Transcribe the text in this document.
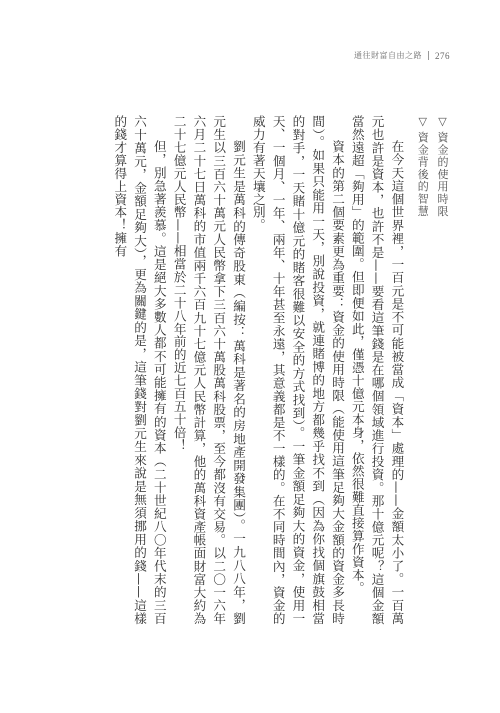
通往財富自由之路 276

▽資金的使用時限

▽資金背後的智慧

在今天這個世界裡，一百元是不可能被當成「資本」處理的——金額太小了。一百萬元也許是資本，也許不是——要看這筆錢是在哪個領域進行投資。那十億元呢？這個金額當然遠超「夠用」的範圍。但即便如此，僅憑十億元本身，依然很難直接算作資本。

資本的第二個要素更為重要：資金的使用時限（能使用這筆足夠大金額的資金多長時間）。如果只能用一天，別說投資，就連賭博的地方都幾乎找不到（因為你找個旗鼓相當的對手，一天賭十億元的賭客很難以安全的方式找到）。一筆金額足夠大的資金，使用一天、一個月、一年、兩年、十年甚至永遠，其意義都是不一樣的。在不同時間內，資金的威力有著天壤之別。

劉元生是萬科的傳奇股東（編按：萬科是著名的房地產開發集團）。一九八八年，劉元生以三百六十萬元人民幣拿下三百六十萬股萬科股票，至今都沒有交易。以二〇一六年六月二十七日萬科的市值兩千六百九十七億元人民幣計算，他的萬科資產帳面財富大約為二十七億元人民幣——相當於二十八年前的近七百五十倍！

但，別急著羨慕。這是絕大多數人都不可能擁有的資本（二十世紀八〇年代末的三百六十萬元，金額足夠大），更為關鍵的是，這筆錢對劉元生來說是無須挪用的錢——這樣的錢才算得上資本！擁有
